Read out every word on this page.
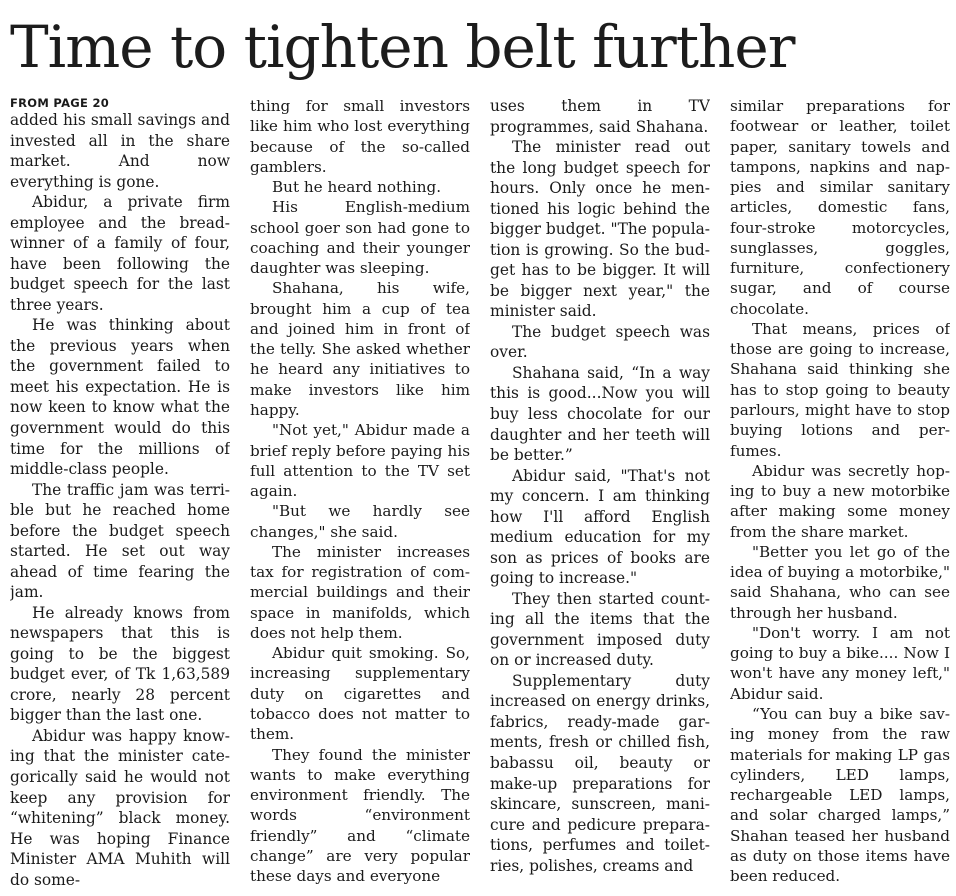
Time to tighten belt further
FROM PAGE 20

added his small savings and invested all in the share market. And now everything is gone.

Abidur, a private firm employee and the breadwinner of a family of four, have been following the budget speech for the last three years.

He was thinking about the previous years when the government failed to meet his expectation. He is now keen to know what the government would do this time for the millions of middle-class people.

The traffic jam was terrible but he reached home before the budget speech started. He set out way ahead of time fearing the jam.

He already knows from newspapers that this is going to be the biggest budget ever, of Tk 1,63,589 crore, nearly 28 percent bigger than the last one.

Abidur was happy knowing that the minister categorically said he would not keep any provision for “whitening” black money. He was hoping Finance Minister AMA Muhith will do some-

thing for small investors like him who lost everything because of the so-called gamblers.

But he heard nothing.

His English-medium school goer son had gone to coaching and their younger daughter was sleeping.

Shahana, his wife, brought him a cup of tea and joined him in front of the telly. She asked whether he heard any initiatives to make investors like him happy.

"Not yet," Abidur made a brief reply before paying his full attention to the TV set again.

"But we hardly see changes," she said.

The minister increases tax for registration of commercial buildings and their space in manifolds, which does not help them.

Abidur quit smoking. So, increasing supplementary duty on cigarettes and tobacco does not matter to them.

They found the minister wants to make everything environment friendly. The words “environment friendly” and “climate change” are very popular these days and everyone

uses them in TV programmes, said Shahana.

The minister read out the long budget speech for hours. Only once he mentioned his logic behind the bigger budget. "The population is growing. So the budget has to be bigger. It will be bigger next year," the minister said.

The budget speech was over.

Shahana said, “In a way this is good...Now you will buy less chocolate for our daughter and her teeth will be better.”

Abidur said, "That's not my concern. I am thinking how I'll afford English medium education for my son as prices of books are going to increase."

They then started counting all the items that the government imposed duty on or increased duty.

Supplementary duty increased on energy drinks, fabrics, ready-made garments, fresh or chilled fish, babassu oil, beauty or make-up preparations for skincare, sunscreen, manicure and pedicure preparations, perfumes and toiletries, polishes, creams and

similar preparations for footwear or leather, toilet paper, sanitary towels and tampons, napkins and nappies and similar sanitary articles, domestic fans, four-stroke motorcycles, sunglasses, goggles, furniture, confectionery sugar, and of course chocolate.

That means, prices of those are going to increase, Shahana said thinking she has to stop going to beauty parlours, might have to stop buying lotions and perfumes.

Abidur was secretly hoping to buy a new motorbike after making some money from the share market.

"Better you let go of the idea of buying a motorbike," said Shahana, who can see through her husband.

"Don't worry. I am not going to buy a bike.... Now I won't have any money left," Abidur said.

“You can buy a bike saving money from the raw materials for making LP gas cylinders, LED lamps, rechargeable LED lamps, and solar charged lamps,” Shahan teased her husband as duty on those items have been reduced.
